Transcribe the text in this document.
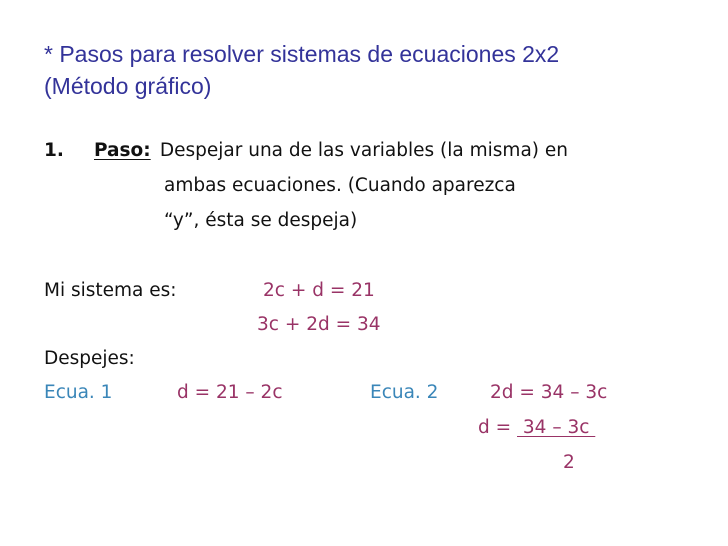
* Pasos para resolver sistemas de ecuaciones 2x2
(Método gráfico)
1. Paso: Despejar una de las variables (la misma) en
ambas ecuaciones. (Cuando aparezca
“y”, ésta se despeja)
Mi sistema es:	2c + d = 21
3c + 2d = 34
Despejes:
Ecua. 1	d = 21 – 2c	Ecua. 2	2d = 34 – 3c
d =  34 – 3c
2
